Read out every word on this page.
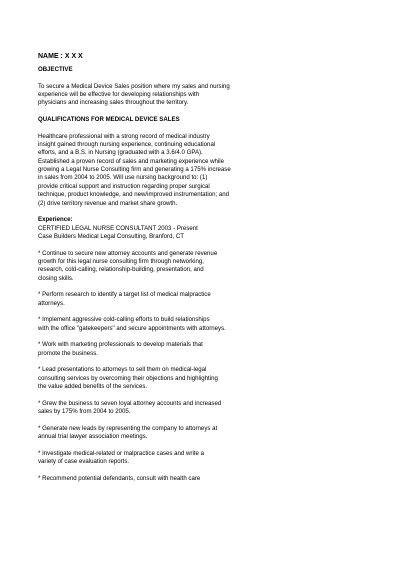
NAME : X X X
OBJECTIVE
To secure a Medical Device Sales position where my sales and nursing
experience will be effective for developing relationships with
physicians and increasing sales throughout the territory.
QUALIFICATIONS FOR MEDICAL DEVICE SALES
Healthcare professional with a strong record of medical industry
insight gained through nursing experience, continuing educational
efforts, and a B.S. in Nursing (graduated with a 3.6/4.0 GPA).
Established a proven record of sales and marketing experience while
growing a Legal Nurse Consulting firm and generating a 175% increase
in sales from 2004 to 2005. Will use nursing background to: (1)
provide critical support and instruction regarding proper surgical
technique, product knowledge, and new/improved instrumentation; and
(2) drive territory revenue and market share growth.
Experience:
CERTIFIED LEGAL NURSE CONSULTANT 2003 - Present
Case Builders Medical Legal Consulting, Branford, CT
* Continue to secure new attorney accounts and generate revenue
growth for this legal nurse consulting firm through networking,
research, cold-calling, relationship-building, presentation, and
closing skills.
* Perform research to identify a target list of medical malpractice
attorneys.
* Implement aggressive cold-calling efforts to build relationships
with the office "gatekeepers" and secure appointments with attorneys.
* Work with marketing professionals to develop materials that
promote the business.
* Lead presentations to attorneys to sell them on medical-legal
consulting services by overcoming their objections and highlighting
the value added benefits of the services.
* Grew the business to seven loyal attorney accounts and increased
sales by 175% from 2004 to 2005.
* Generate new leads by representing the company to attorneys at
annual trial lawyer association meetings.
* Investigate medical-related or malpractice cases and write a
variety of case evaluation reports.
* Recommend potential defendants, consult with health care
